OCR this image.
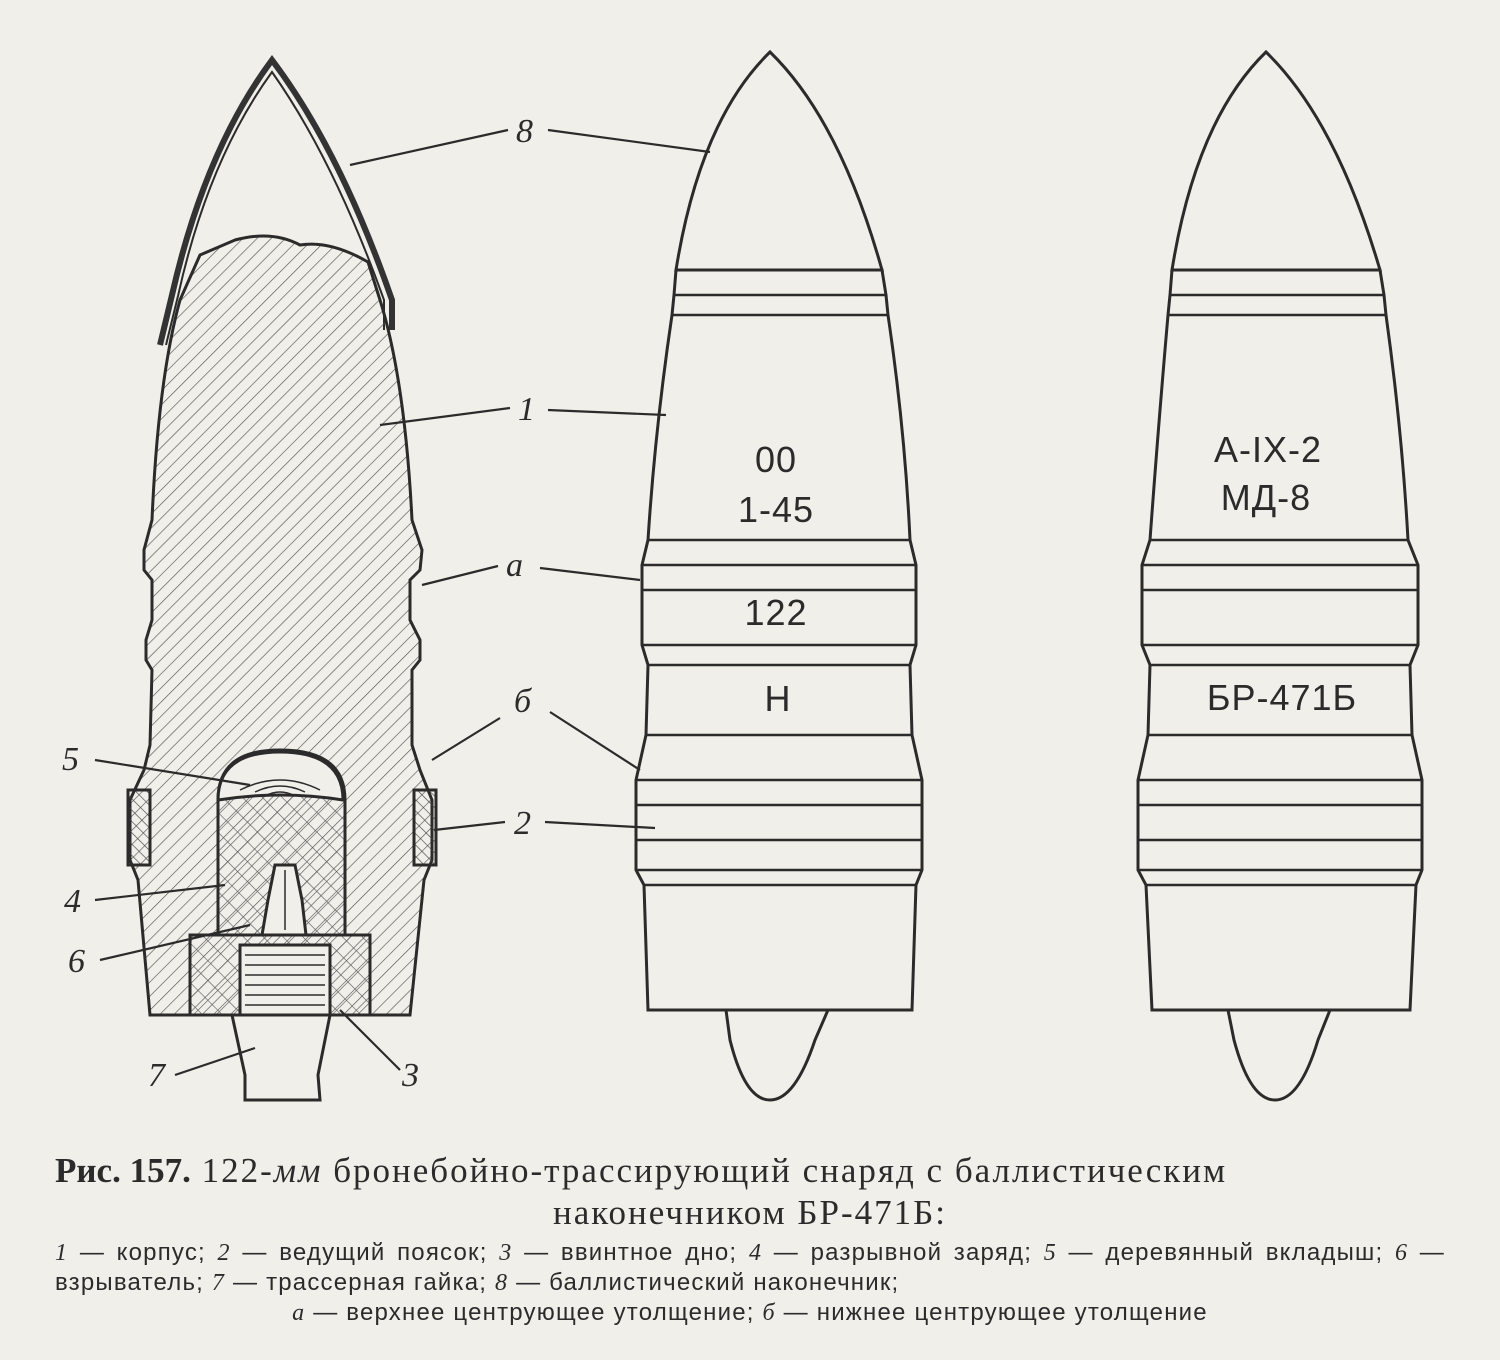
8
1
а
б
5
2
4
6
7	3
00
1-45
122
Н
А-IX-2
МД-8
БР-471Б
Рис. 157. 122-мм бронебойно-трассирующий снаряд с баллистическим
наконечником БР-471Б:
1 — корпус; 2 — ведущий поясок; 3 — ввинтное дно; 4 — разрывной заряд; 5 — деревянный вкладыш; 6 — взрыватель; 7 — трассерная гайка; 8 — баллистический наконечник;
а — верхнее центрующее утолщение; б — нижнее центрующее утолщение
